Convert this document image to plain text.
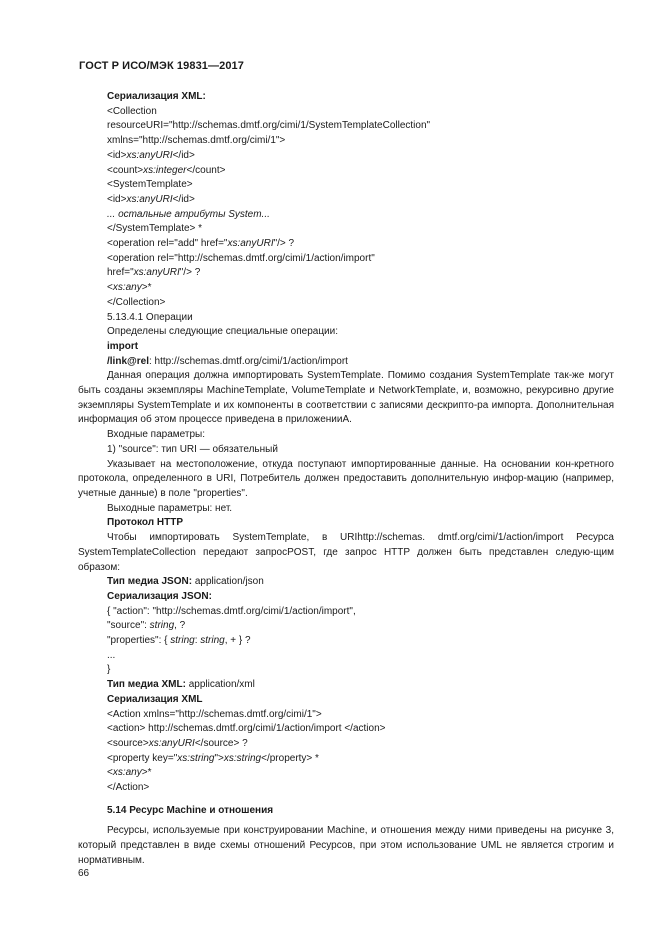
ГОСТ Р ИСО/МЭК 19831—2017
Сериализация XML:
<Collection
resourceURI="http://schemas.dmtf.org/cimi/1/SystemTemplateCollection"
xmlns="http://schemas.dmtf.org/cimi/1">
<id>xs:anyURI</id>
<count>xs:integer</count>
<SystemTemplate>
<id>xs:anyURI</id>
... остальные атрибуты System...
</SystemTemplate> *
<operation rel="add" href="xs:anyURI"/> ?
<operation rel="http://schemas.dmtf.org/cimi/1/action/import"
href="xs:anyURI"/> ?
<xs:any>*
</Collection>
5.13.4.1 Операции
Определены следующие специальные операции:
import
/link@rel: http://schemas.dmtf.org/cimi/1/action/import
Данная операция должна импортировать SystemTemplate. Помимо создания SystemTemplate так-же могут быть созданы экземпляры MachineTemplate, VolumeTemplate и NetworkTemplate, и, возможно, рекурсивно другие экземпляры SystemTemplate и их компоненты в соответствии с записями дескрипто-ра импорта. Дополнительная информация об этом процессе приведена в приложенииА.
Входные параметры:
1) "source": тип URI — обязательный
Указывает на местоположение, откуда поступают импортированные данные. На основании кон-кретного протокола, определенного в URI, Потребитель должен предоставить дополнительную инфор-мацию (например, учетные данные) в поле "properties".
Выходные параметры: нет.
Протокол HTTP
Чтобы импортировать SystemTemplate, в URIhttp://schemas. dmtf.org/cimi/1/action/import Ресурса SystemTemplateCollection передают запросPOST, где запрос HTTP должен быть представлен следую-щим образом:
Тип медиа JSON: application/json
Сериализация JSON:
{ "action": "http://schemas.dmtf.org/cimi/1/action/import",
"source": string, ?
"properties": { string: string, + } ?
...
}
Тип медиа XML: application/xml
Сериализация XML
<Action xmlns="http://schemas.dmtf.org/cimi/1">
<action> http://schemas.dmtf.org/cimi/1/action/import </action>
<source>xs:anyURI</source> ?
<property key="xs:string">xs:string</property> *
<xs:any>*
</Action>
5.14 Ресурс Machine и отношения
Ресурсы, используемые при конструировании Machine, и отношения между ними приведены на рисунке 3, который представлен в виде схемы отношений Ресурсов, при этом использование UML не является строгим и нормативным.
66
